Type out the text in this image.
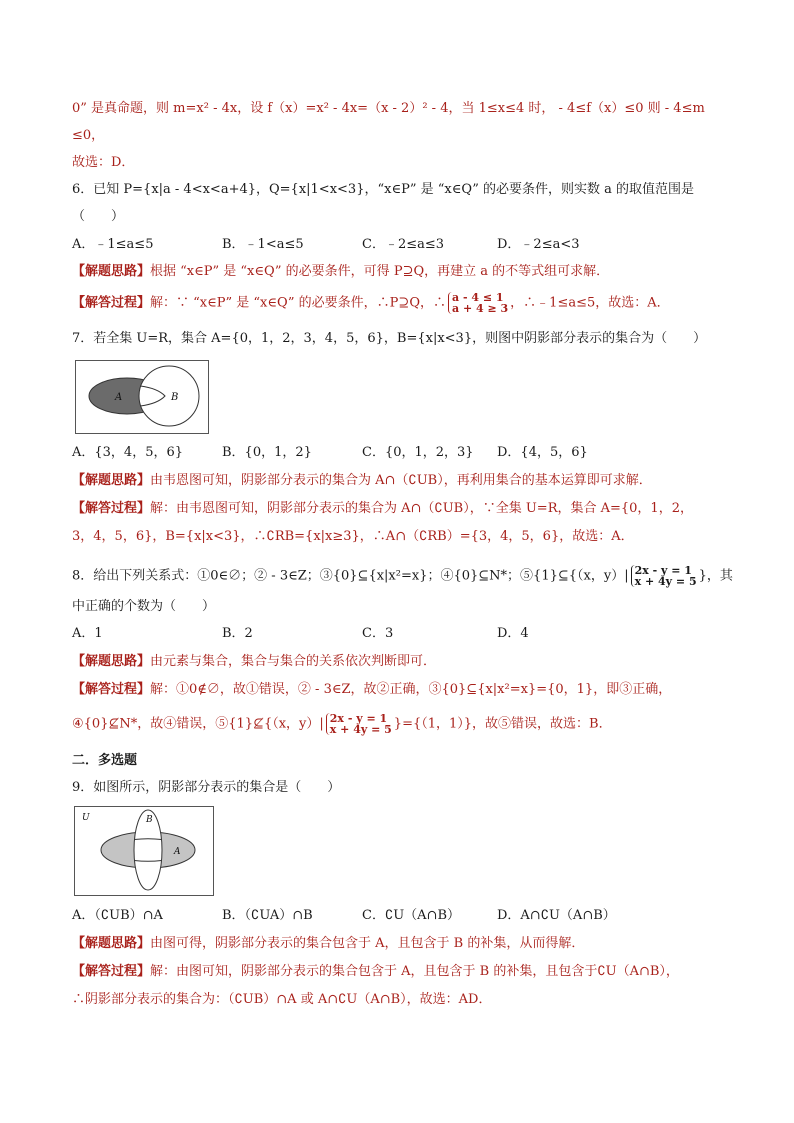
0” 是真命题，则 m=x² - 4x，设 f（x）=x² - 4x=（x - 2）² - 4，当 1≤x≤4 时， - 4≤f（x）≤0 则 - 4≤m
≤0，
故选：D．
6．已知 P={x|a - 4<x<a+4}，Q={x|1<x<3}，“x∈P” 是 “x∈Q” 的必要条件，则实数 a 的取值范围是
（　　）
A．﹣1≤a≤5	B．﹣1<a≤5	C．﹣2≤a≤3	D．﹣2≤a<3
【解题思路】根据 “x∈P” 是 “x∈Q” 的必要条件，可得 P⊇Q，再建立 a 的不等式组可求解．
【解答过程】解：∵ “x∈P” 是 “x∈Q” 的必要条件，∴P⊇Q，∴ a - 4 ≤ 1
a + 4 ≥ 3 ，∴﹣1≤a≤5，故选：A．
7．若全集 U=R，集合 A={0，1，2，3，4，5，6}，B={x|x<3}，则图中阴影部分表示的集合为（　　）
A	B
A．{3，4，5，6}	B．{0，1，2}	C．{0，1，2，3} D．{4，5，6}
【解题思路】由韦恩图可知，阴影部分表示的集合为 A∩（∁UB），再利用集合的基本运算即可求解．
【解答过程】解：由韦恩图可知，阴影部分表示的集合为 A∩（∁UB），∵全集 U=R，集合 A={0，1，2，
3，4，5，6}，B={x|x<3}，∴∁RB={x|x≥3}，∴A∩（∁RB）={3，4，5，6}，故选：A．
8．给出下列关系式：①0∈∅；② - 3∈Z；③{0}⊆{x|x²=x}；④{0}⊆N*；⑤{1}⊆{（x，y）| 2x - y = 1
x + 4y = 5 }，其
中正确的个数为（　　）
A．1	B．2	C．3	D．4
【解题思路】由元素与集合，集合与集合的关系依次判断即可．
【解答过程】解：①0∉∅，故①错误，② - 3∈Z，故②正确，③{0}⊆{x|x²=x}={0，1}，即③正确，
④{0}⊈N*，故④错误，⑤{1}⊈{（x，y）| 2x - y = 1
x + 4y = 5 }={（1，1）}，故⑤错误，故选：B．
二．多选题
9．如图所示，阴影部分表示的集合是（　　）
U	B
A
A．（∁UB）∩A	B．（∁UA）∩B	C．∁U（A∩B）	D．A∩∁U（A∩B）
【解题思路】由图可得，阴影部分表示的集合包含于 A，且包含于 B 的补集，从而得解．
【解答过程】解：由图可知，阴影部分表示的集合包含于 A，且包含于 B 的补集，且包含于∁U（A∩B），
∴阴影部分表示的集合为：（∁UB）∩A 或 A∩∁U（A∩B），故选：AD．
